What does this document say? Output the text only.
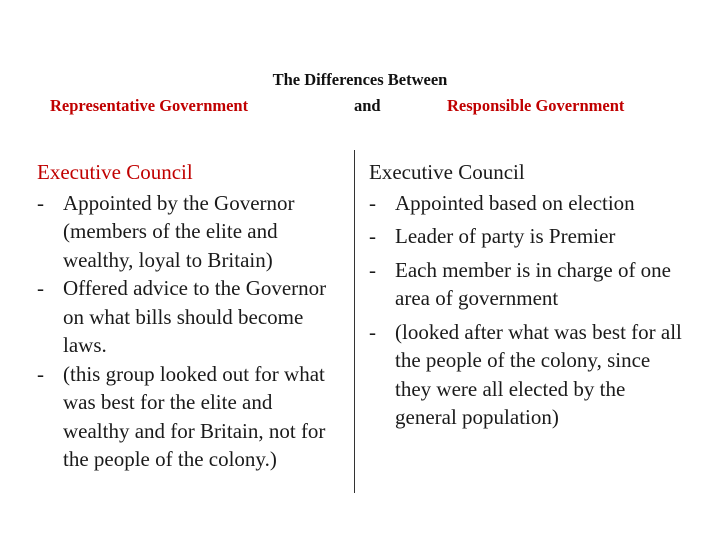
The Differences Between
Representative Government	and	Responsible Government
Executive Council
- Appointed by the Governor (members of the elite and wealthy, loyal to Britain)
- Offered advice to the Governor on what bills should become laws.
- (this group looked out for what was best for the elite and wealthy and for Britain, not for the people of the colony.)
Executive Council
- Appointed based on election
- Leader of party is Premier
- Each member is in charge of one area of government
- (looked after what was best for all the people of the colony, since they were all elected by the general population)
